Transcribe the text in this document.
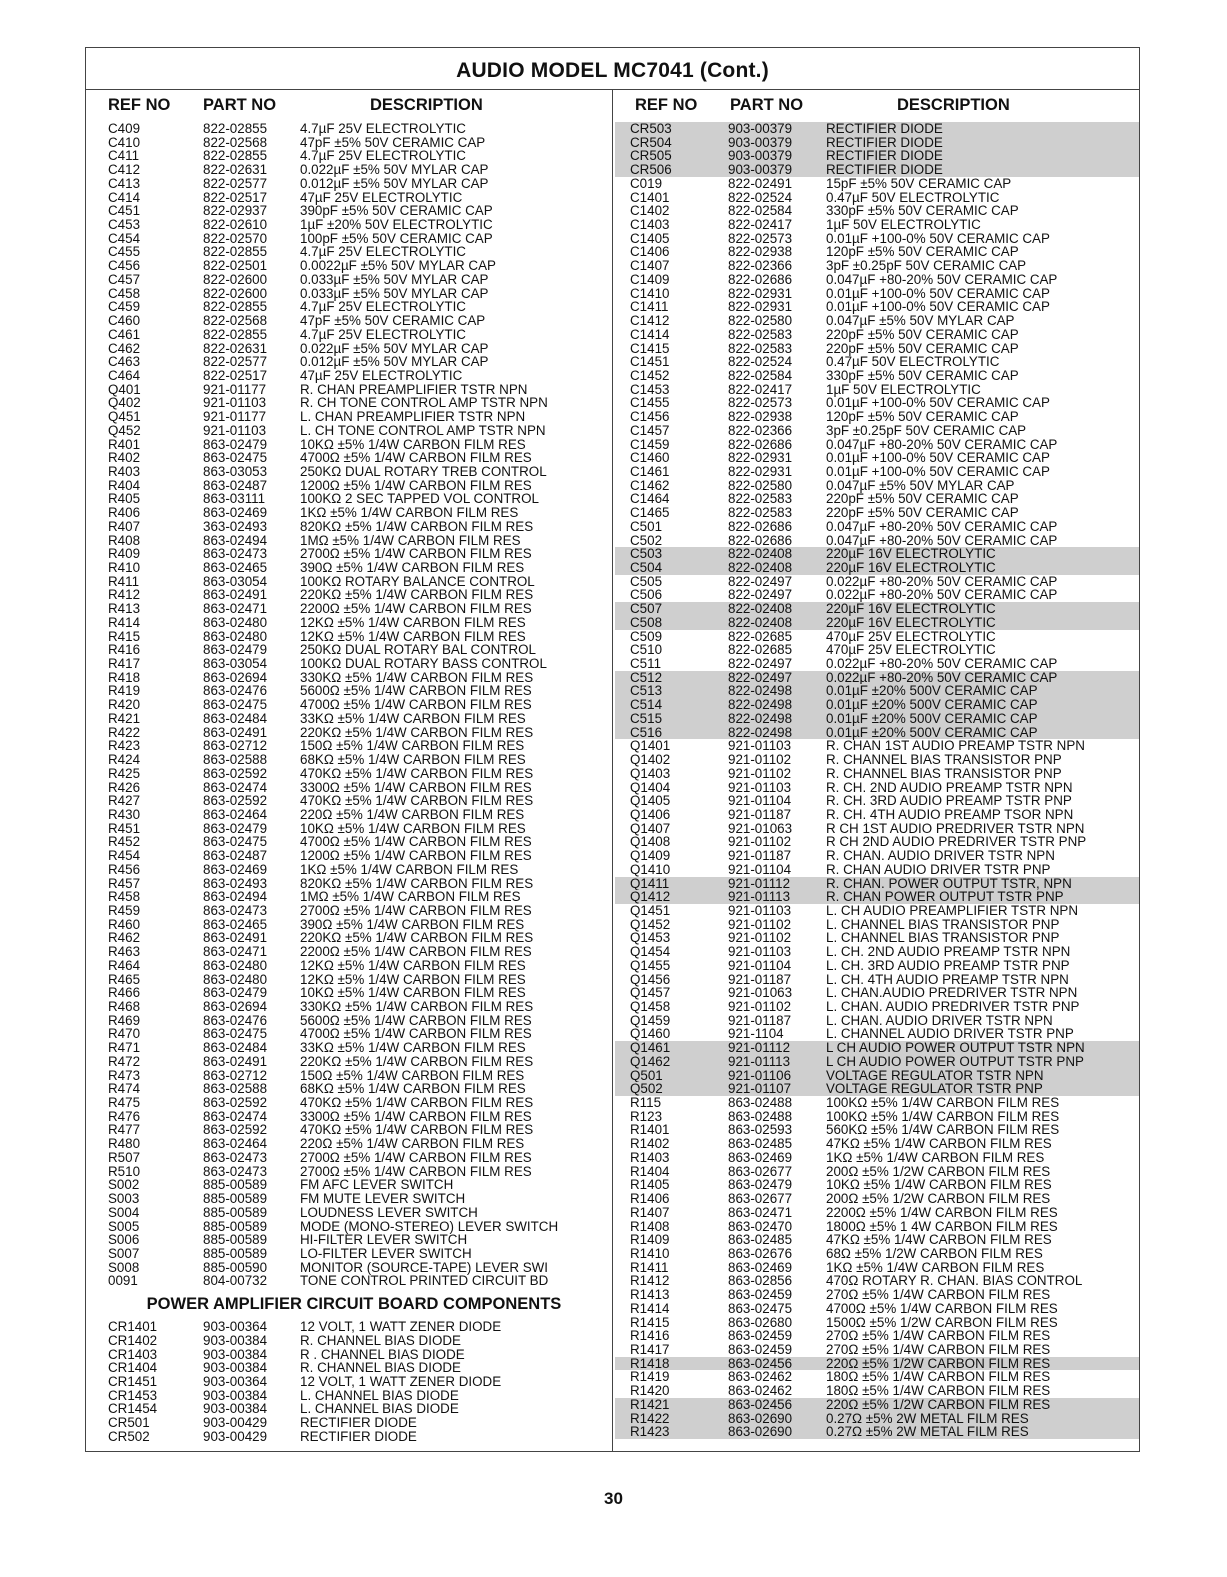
AUDIO MODEL MC7041 (Cont.)
REF NO PART NO	DESCRIPTION
C409	822-02855 4.7µF 25V ELECTROLYTIC
C410	822-02568 47pF ±5% 50V CERAMIC CAP
C411	822-02855 4.7µF 25V ELECTROLYTIC
C412	822-02631 0.022µF ±5% 50V MYLAR CAP
C413	822-02577 0.012µF ±5% 50V MYLAR CAP
C414	822-02517 47µF 25V ELECTROLYTIC
C451	822-02937 390pF ±5% 50V CERAMIC CAP
C453	822-02610 1µF ±20% 50V ELECTROLYTIC
C454	822-02570 100pF ±5% 50V CERAMIC CAP
C455	822-02855 4.7µF 25V ELECTROLYTIC
C456	822-02501 0.0022µF ±5% 50V MYLAR CAP
C457	822-02600 0.033µF ±5% 50V MYLAR CAP
C458	822-02600 0.033µF ±5% 50V MYLAR CAP
C459	822-02855 4.7µF 25V ELECTROLYTIC
C460	822-02568 47pF ±5% 50V CERAMIC CAP
C461	822-02855 4.7µF 25V ELECTROLYTIC
C462	822-02631 0.022µF ±5% 50V MYLAR CAP
C463	822-02577 0.012µF ±5% 50V MYLAR CAP
C464	822-02517 47µF 25V ELECTROLYTIC
Q401	921-01177	R. CHAN PREAMPLIFIER TSTR NPN
Q402	921-01103	R. CH TONE CONTROL AMP TSTR NPN
Q451	921-01177	L. CHAN PREAMPLIFIER TSTR NPN
Q452	921-01103	L. CH TONE CONTROL AMP TSTR NPN
R401	863-02479 10KΩ ±5% 1/4W CARBON FILM RES
R402	863-02475 4700Ω ±5% 1/4W CARBON FILM RES
R403	863-03053 250KΩ DUAL ROTARY TREB CONTROL
R404	863-02487 1200Ω ±5% 1/4W CARBON FILM RES
R405	863-03111	100KΩ 2 SEC TAPPED VOL CONTROL
R406	863-02469 1KΩ ±5% 1/4W CARBON FILM RES
R407	363-02493 820KΩ ±5% 1/4W CARBON FILM RES
R408	863-02494 1MΩ ±5% 1/4W CARBON FILM RES
R409	863-02473 2700Ω ±5% 1/4W CARBON FILM RES
R410	863-02465 390Ω ±5% 1/4W CARBON FILM RES
R411	863-03054 100KΩ ROTARY BALANCE CONTROL
R412	863-02491 220KΩ ±5% 1/4W CARBON FILM RES
R413	863-02471 2200Ω ±5% 1/4W CARBON FILM RES
R414	863-02480 12KΩ ±5% 1/4W CARBON FILM RES
R415	863-02480 12KΩ ±5% 1/4W CARBON FILM RES
R416	863-02479 250KΩ DUAL ROTARY BAL CONTROL
R417	863-03054 100KΩ DUAL ROTARY BASS CONTROL
R418	863-02694 330KΩ ±5% 1/4W CARBON FILM RES
R419	863-02476 5600Ω ±5% 1/4W CARBON FILM RES
R420	863-02475 4700Ω ±5% 1/4W CARBON FILM RES
R421	863-02484 33KΩ ±5% 1/4W CARBON FILM RES
R422	863-02491 220KΩ ±5% 1/4W CARBON FILM RES
R423	863-02712 150Ω ±5% 1/4W CARBON FILM RES
R424	863-02588 68KΩ ±5% 1/4W CARBON FILM RES
R425	863-02592 470KΩ ±5% 1/4W CARBON FILM RES
R426	863-02474 3300Ω ±5% 1/4W CARBON FILM RES
R427	863-02592 470KΩ ±5% 1/4W CARBON FILM RES
R430	863-02464 220Ω ±5% 1/4W CARBON FILM RES
R451	863-02479 10KΩ ±5% 1/4W CARBON FILM RES
R452	863-02475 4700Ω ±5% 1/4W CARBON FILM RES
R454	863-02487 1200Ω ±5% 1/4W CARBON FILM RES
R456	863-02469 1KΩ ±5% 1/4W CARBON FILM RES
R457	863-02493 820KΩ ±5% 1/4W CARBON FILM RES
R458	863-02494 1MΩ ±5% 1/4W CARBON FILM RES
R459	863-02473 2700Ω ±5% 1/4W CARBON FILM RES
R460	863-02465 390Ω ±5% 1/4W CARBON FILM RES
R462	863-02491 220KΩ ±5% 1/4W CARBON FILM RES
R463	863-02471 2200Ω ±5% 1/4W CARBON FILM RES
R464	863-02480 12KΩ ±5% 1/4W CARBON FILM RES
R465	863-02480 12KΩ ±5% 1/4W CARBON FILM RES
R466	863-02479 10KΩ ±5% 1/4W CARBON FILM RES
R468	863-02694 330KΩ ±5% 1/4W CARBON FILM RES
R469	863-02476 5600Ω ±5% 1/4W CARBON FILM RES
R470	863-02475 4700Ω ±5% 1/4W CARBON FILM RES
R471	863-02484 33KΩ ±5% 1/4W CARBON FILM RES
R472	863-02491 220KΩ ±5% 1/4W CARBON FILM RES
R473	863-02712 150Ω ±5% 1/4W CARBON FILM RES
R474	863-02588 68KΩ ±5% 1/4W CARBON FILM RES
R475	863-02592 470KΩ ±5% 1/4W CARBON FILM RES
R476	863-02474 3300Ω ±5% 1/4W CARBON FILM RES
R477	863-02592 470KΩ ±5% 1/4W CARBON FILM RES
R480	863-02464 220Ω ±5% 1/4W CARBON FILM RES
R507	863-02473 2700Ω ±5% 1/4W CARBON FILM RES
R510	863-02473 2700Ω ±5% 1/4W CARBON FILM RES
S002	885-00589 FM AFC LEVER SWITCH
S003	885-00589 FM MUTE LEVER SWITCH
S004	885-00589 LOUDNESS LEVER SWITCH
S005	885-00589 MODE (MONO-STEREO) LEVER SWITCH
S006	885-00589 HI-FILTER LEVER SWITCH
S007	885-00589 LO-FILTER LEVER SWITCH
S008	885-00590 MONITOR (SOURCE-TAPE) LEVER SWI
0091	804-00732 TONE CONTROL PRINTED CIRCUIT BD
POWER AMPLIFIER CIRCUIT BOARD COMPONENTS
CR1401	903-00364 12 VOLT, 1 WATT ZENER DIODE
CR1402	903-00384 R. CHANNEL BIAS DIODE
CR1403	903-00384 R . CHANNEL BIAS DIODE
CR1404	903-00384 R. CHANNEL BIAS DIODE
CR1451	903-00364 12 VOLT, 1 WATT ZENER DIODE
CR1453	903-00384 L. CHANNEL BIAS DIODE
CR1454	903-00384 L. CHANNEL BIAS DIODE
CR501	903-00429 RECTIFIER DIODE
CR502	903-00429 RECTIFIER DIODE
REF NO PART NO	DESCRIPTION
CR503	903-00379	RECTIFIER DIODE
CR504	903-00379	RECTIFIER DIODE
CR505	903-00379	RECTIFIER DIODE
CR506	903-00379	RECTIFIER DIODE
C019	822-02491	15pF ±5% 50V CERAMIC CAP
C1401	822-02524	0.47µF 50V ELECTROLYTIC
C1402	822-02584	330pF ±5% 50V CERAMIC CAP
C1403	822-02417	1µF 50V ELECTROLYTIC
C1405	822-02573	0.01µF +100-0% 50V CERAMIC CAP
C1406	822-02938	120pF ±5% 50V CERAMIC CAP
C1407	822-02366	3pF ±0.25pF 50V CERAMIC CAP
C1409	822-02686	0.047µF +80-20% 50V CERAMIC CAP
C1410	822-02931	0.01µF +100-0% 50V CERAMIC CAP
C1411	822-02931	0.01µF +100-0% 50V CERAMIC CAP
C1412	822-02580	0.047µF ±5% 50V MYLAR CAP
C1414	822-02583	220pF ±5% 50V CERAMIC CAP
C1415	822-02583	220pF ±5% 50V CERAMIC CAP
C1451	822-02524	0.47µF 50V ELECTROLYTIC
C1452	822-02584	330pF ±5% 50V CERAMIC CAP
C1453	822-02417	1µF 50V ELECTROLYTIC
C1455	822-02573	0.01µF +100-0% 50V CERAMIC CAP
C1456	822-02938	120pF ±5% 50V CERAMIC CAP
C1457	822-02366	3pF ±0.25pF 50V CERAMIC CAP
C1459	822-02686	0.047µF +80-20% 50V CERAMIC CAP
C1460	822-02931	0.01µF +100-0% 50V CERAMIC CAP
C1461	822-02931	0.01µF +100-0% 50V CERAMIC CAP
C1462	822-02580	0.047µF ±5% 50V MYLAR CAP
C1464	822-02583	220pF ±5% 50V CERAMIC CAP
C1465	822-02583	220pF ±5% 50V CERAMIC CAP
C501	822-02686	0.047µF +80-20% 50V CERAMIC CAP
C502	822-02686	0.047µF +80-20% 50V CERAMIC CAP
C503	822-02408	220µF 16V ELECTROLYTIC
C504	822-02408	220µF 16V ELECTROLYTIC
C505	822-02497	0.022µF +80-20% 50V CERAMIC CAP
C506	822-02497	0.022µF +80-20% 50V CERAMIC CAP
C507	822-02408	220µF 16V ELECTROLYTIC
C508	822-02408	220µF 16V ELECTROLYTIC
C509	822-02685	470µF 25V ELECTROLYTIC
C510	822-02685	470µF 25V ELECTROLYTIC
C511	822-02497	0.022µF +80-20% 50V CERAMIC CAP
C512	822-02497	0.022µF +80-20% 50V CERAMIC CAP
C513	822-02498	0.01µF ±20% 500V CERAMIC CAP
C514	822-02498	0.01µF ±20% 500V CERAMIC CAP
C515	822-02498	0.01µF ±20% 500V CERAMIC CAP
C516	822-02498	0.01µF ±20% 500V CERAMIC CAP
Q1401	921-01103	R. CHAN 1ST AUDIO PREAMP TSTR NPN
Q1402	921-01102	R. CHANNEL BIAS TRANSISTOR PNP
Q1403	921-01102	R. CHANNEL BIAS TRANSISTOR PNP
Q1404	921-01103	R. CH. 2ND AUDIO PREAMP TSTR NPN
Q1405	921-01104	R. CH. 3RD AUDIO PREAMP TSTR PNP
Q1406	921-01187	R. CH. 4TH AUDIO PREAMP TSOR NPN
Q1407	921-01063	R CH 1ST AUDIO PREDRIVER TSTR NPN
Q1408	921-01102	R CH 2ND AUDIO PREDRIVER TSTR PNP
Q1409	921-01187	R. CHAN. AUDIO DRIVER TSTR NPN
Q1410	921-01104	R. CHAN AUDIO DRIVER TSTR PNP
Q1411	921-01112	R. CHAN. POWER OUTPUT TSTR, NPN
Q1412	921-01113	R. CHAN POWER OUTPUT TSTR PNP
Q1451	921-01103	L. CH AUDIO PREAMPLIFIER TSTR NPN
Q1452	921-01102	L. CHANNEL BIAS TRANSISTOR PNP
Q1453	921-01102	L. CHANNEL BIAS TRANSISTOR PNP
Q1454	921-01103	L. CH. 2ND AUDIO PREAMP TSTR NPN
Q1455	921-01104	L. CH. 3RD AUDIO PREAMP TSTR PNP
Q1456	921-01187	L. CH. 4TH AUDIO PREAMP TSTR NPN
Q1457	921-01063	L. CHAN.AUDIO PREDRIVER TSTR NPN
Q1458	921-01102	L. CHAN. AUDIO PREDRIVER TSTR PNP
Q1459	921-01187	L. CHAN. AUDIO DRIVER TSTR NPN
Q1460	921-1104	L. CHANNEL AUDIO DRIVER TSTR PNP
Q1461	921-01112	L CH AUDIO POWER OUTPUT TSTR NPN
Q1462	921-01113	L CH AUDIO POWER OUTPUT TSTR PNP
Q501	921-01106	VOLTAGE REGULATOR TSTR NPN
Q502	921-01107	VOLTAGE REGULATOR TSTR PNP
R115	863-02488	100KΩ ±5% 1/4W CARBON FILM RES
R123	863-02488	100KΩ ±5% 1/4W CARBON FILM RES
R1401	863-02593	560KΩ ±5% 1/4W CARBON FILM RES
R1402	863-02485	47KΩ ±5% 1/4W CARBON FILM RES
R1403	863-02469	1KΩ ±5% 1/4W CARBON FILM RES
R1404	863-02677	200Ω ±5% 1/2W CARBON FILM RES
R1405	863-02479	10KΩ ±5% 1/4W CARBON FILM RES
R1406	863-02677	200Ω ±5% 1/2W CARBON FILM RES
R1407	863-02471	2200Ω ±5% 1/4W CARBON FILM RES
R1408	863-02470	1800Ω ±5% 1 4W CARBON FILM RES
R1409	863-02485	47KΩ ±5% 1/4W CARBON FILM RES
R1410	863-02676	68Ω ±5% 1/2W CARBON FILM RES
R1411	863-02469	1KΩ ±5% 1/4W CARBON FILM RES
R1412	863-02856	470Ω ROTARY R. CHAN. BIAS CONTROL
R1413	863-02459	270Ω ±5% 1/4W CARBON FILM RES
R1414	863-02475	4700Ω ±5% 1/4W CARBON FILM RES
R1415	863-02680	1500Ω ±5% 1/2W CARBON FILM RES
R1416	863-02459	270Ω ±5% 1/4W CARBON FILM RES
R1417	863-02459	270Ω ±5% 1/4W CARBON FILM RES
R1418	863-02456	220Ω ±5% 1/2W CARBON FILM RES
R1419	863-02462	180Ω ±5% 1/4W CARBON FILM RES
R1420	863-02462	180Ω ±5% 1/4W CARBON FILM RES
R1421	863-02456	220Ω ±5% 1/2W CARBON FILM RES
R1422	863-02690	0.27Ω ±5% 2W METAL FILM RES
R1423	863-02690	0.27Ω ±5% 2W METAL FILM RES
30
